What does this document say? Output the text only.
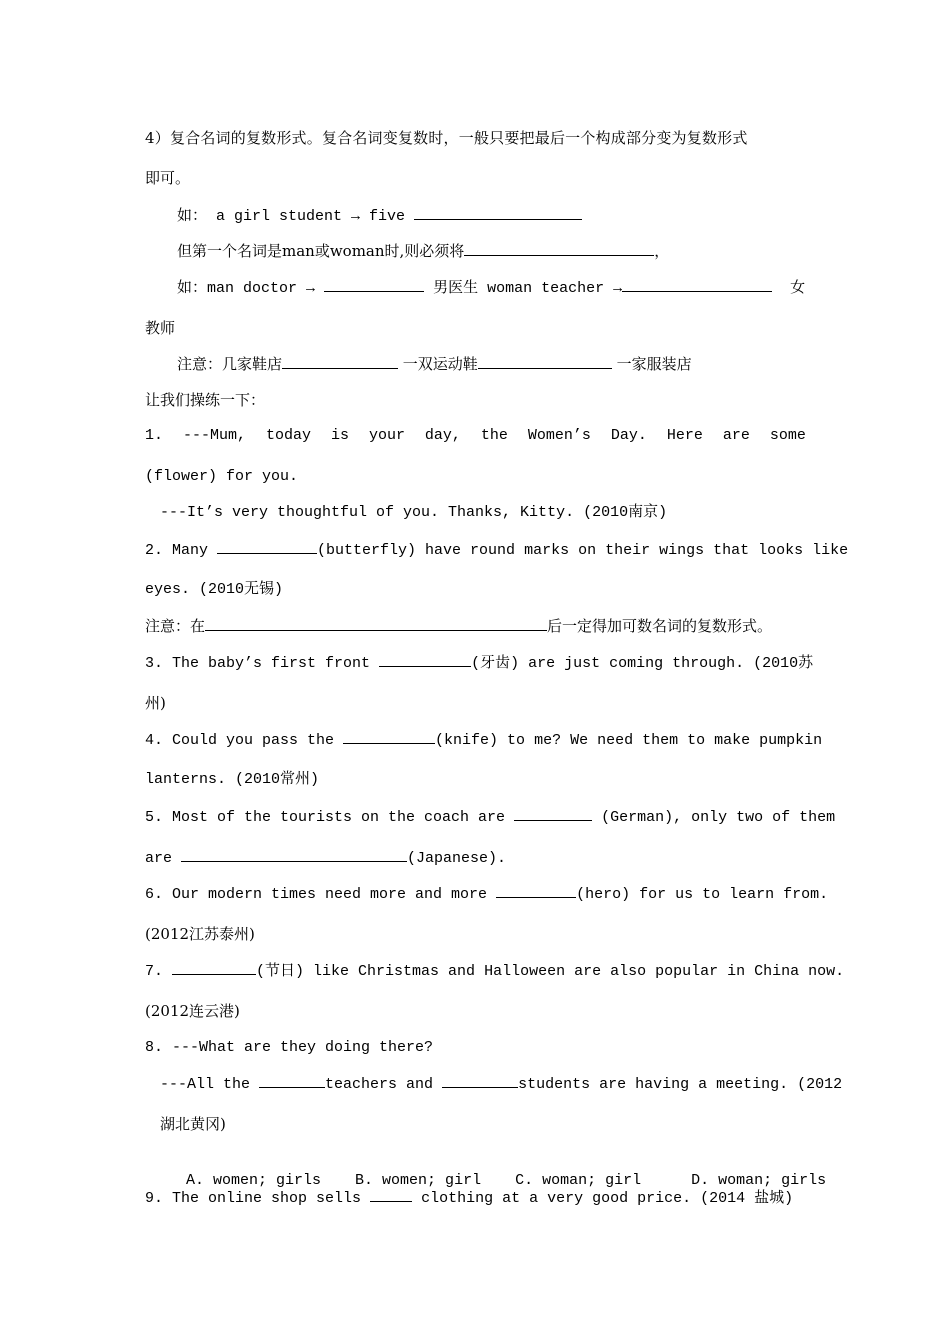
4）复合名词的复数形式。复合名词变复数时，一般只要把最后一个构成部分变为复数形式
即可。
如： a girl student → five
但第一个名词是man或woman时,则必须将	，
如：man doctor →	男医生 woman teacher →	女
教师
注意：几家鞋店	一双运动鞋	一家服装店
让我们操练一下：
1. ---Mum, today is your day, the Women’s Day. Here are some
(flower) for you.
---It’s very thoughtful of you. Thanks, Kitty. (2010南京)
2. Many	(butterfly) have round marks on their wings that looks like
eyes. (2010无锡)
注意：在	后一定得加可数名词的复数形式。
3. The baby’s first front	(牙齿) are just coming through. (2010苏
州)
4. Could you pass the	(knife) to me? We need them to make pumpkin
lanterns. (2010常州)
5. Most of the tourists on the coach are	(German), only two of them
are	(Japanese).
6. Our modern times need more and more	(hero) for us to learn from.
(2012江苏泰州)
7.	(节日) like Christmas and Halloween are also popular in China now.
(2012连云港)
8. ---What are they doing there?
---All the	teachers and	students are having a meeting. (2012
湖北黄冈)

A. women; girls B. women; girl C. woman; girl	D. woman; girls

9. The online shop sells	clothing at a very good price. (2014 盐城)
